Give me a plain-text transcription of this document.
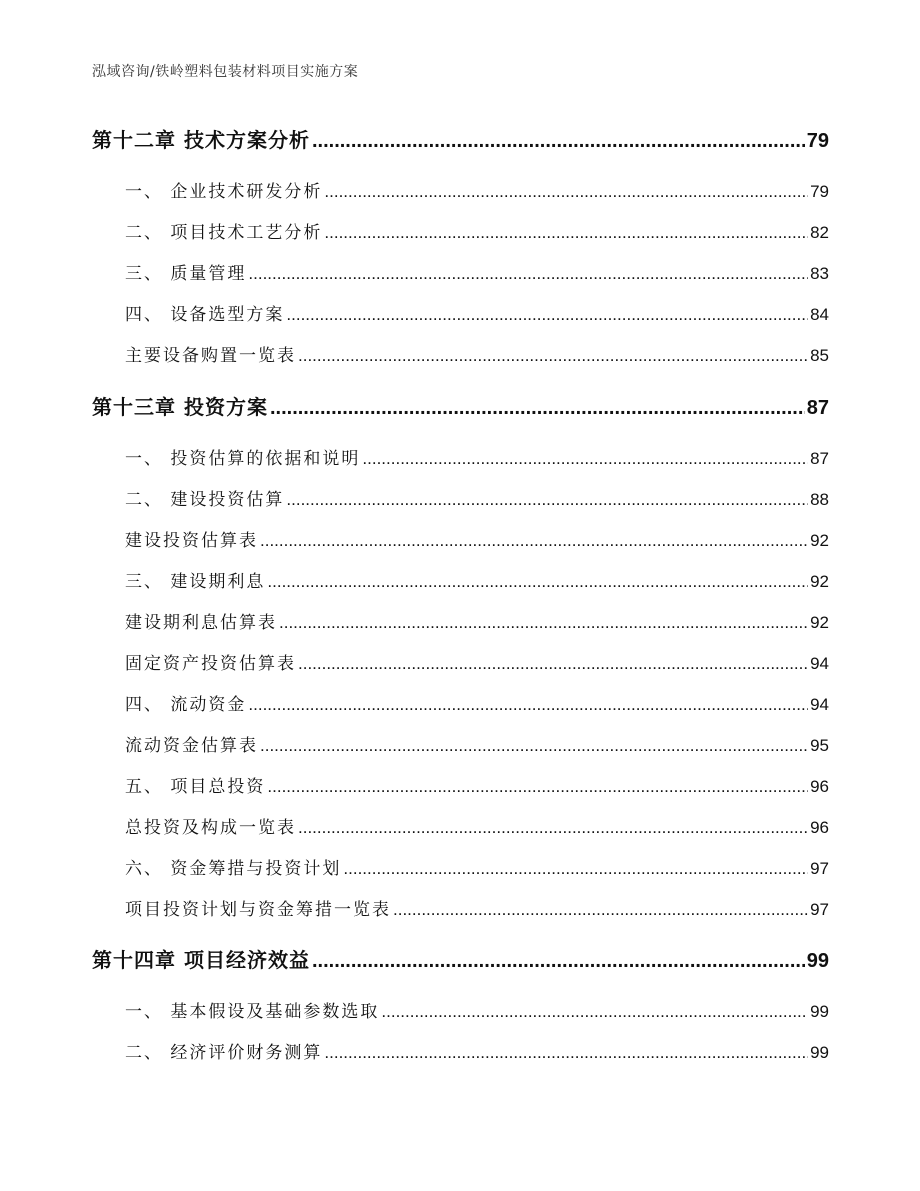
泓域咨询/铁岭塑料包装材料项目实施方案
第十二章 技术方案分析 .....	79
一、 企业技术研发分析 .....	79
二、 项目技术工艺分析 .....	82
三、 质量管理 .....	83
四、 设备选型方案 .....	84
主要设备购置一览表 .....	85
第十三章 投资方案 .....	87
一、 投资估算的依据和说明 .....	87
二、 建设投资估算 .....	88
建设投资估算表 .....	92
三、 建设期利息 .....	92
建设期利息估算表 .....	92
固定资产投资估算表 .....	94
四、 流动资金 .....	94
流动资金估算表 .....	95
五、 项目总投资 .....	96
总投资及构成一览表 .....	96
六、 资金筹措与投资计划 .....	97
项目投资计划与资金筹措一览表 .....	97
第十四章 项目经济效益 .....	99
一、 基本假设及基础参数选取 .....	99
二、 经济评价财务测算 .....	99
